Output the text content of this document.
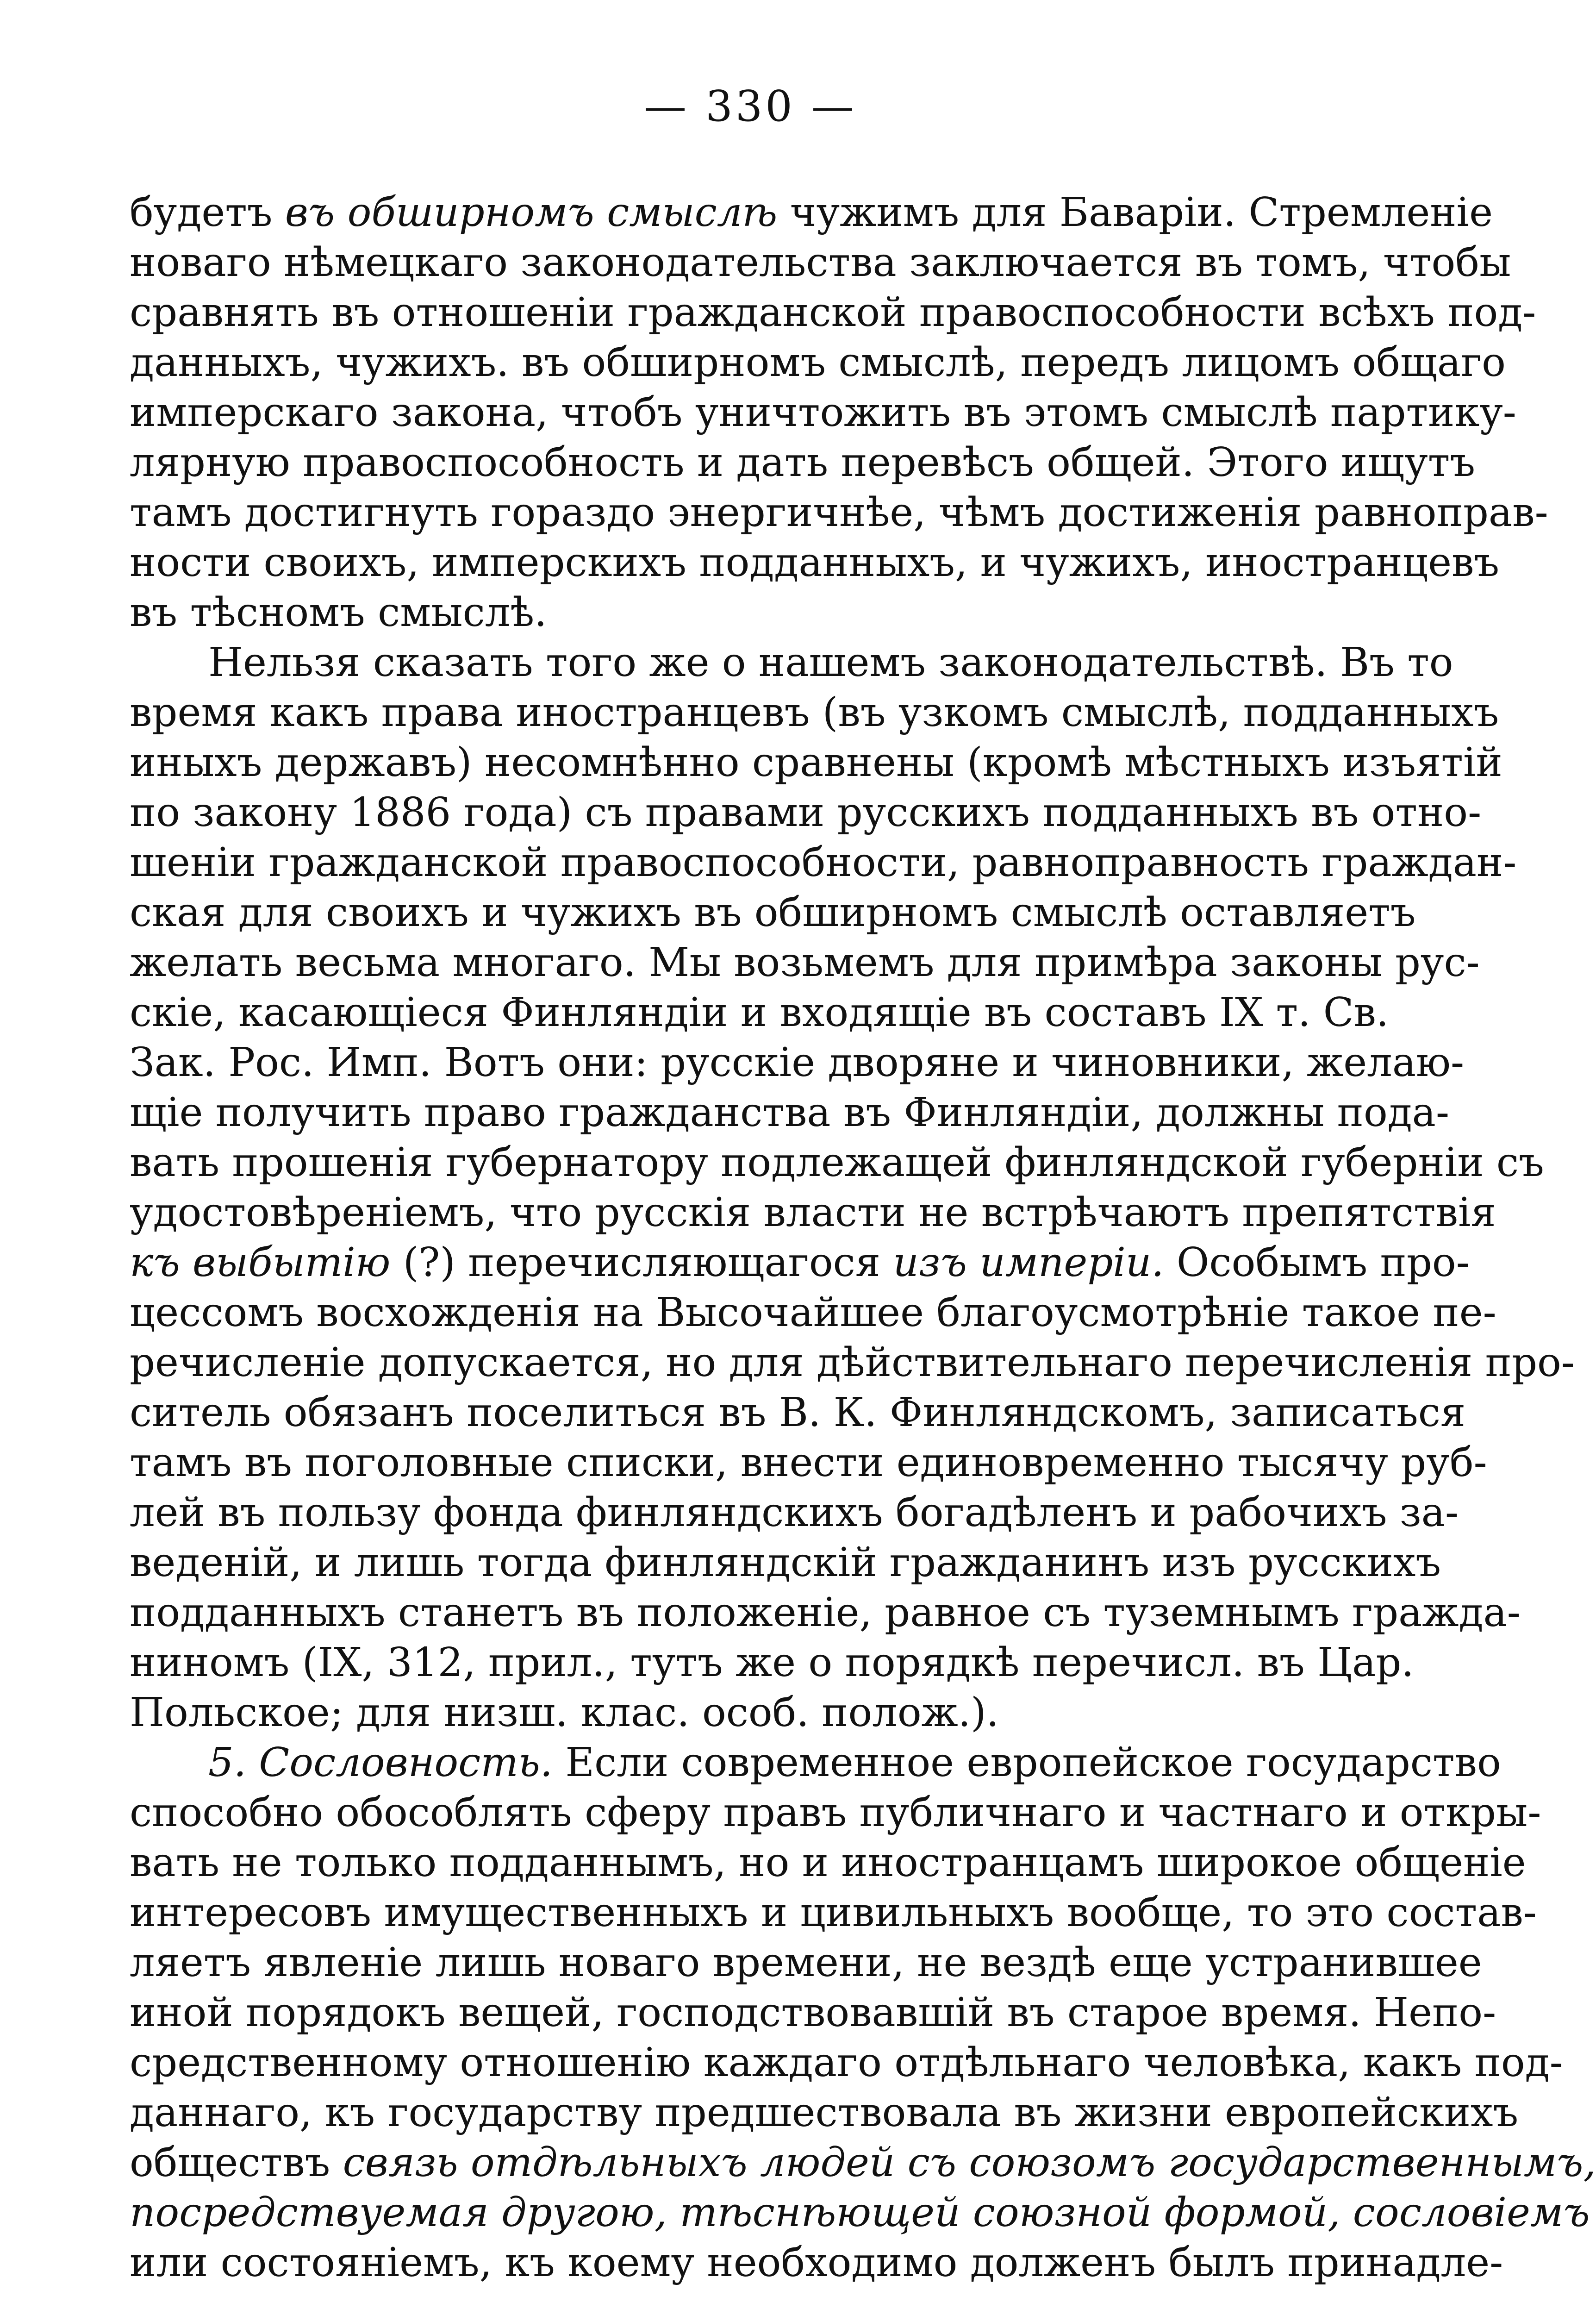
— 330 —
будетъ въ обширномъ смыслѣ чужимъ для Баваріи. Стремленіе
новаго нѣмецкаго законодательства заключается въ томъ, чтобы
сравнять въ отношеніи гражданской правоспособности всѣхъ под-
данныхъ, чужихъ. въ обширномъ смыслѣ, передъ лицомъ общаго
имперскаго закона, чтобъ уничтожить въ этомъ смыслѣ партику-
лярную правоспособность и дать перевѣсъ общей. Этого ищутъ
тамъ достигнуть гораздо энергичнѣе, чѣмъ достиженія равноправ-
ности своихъ, имперскихъ подданныхъ, и чужихъ, иностранцевъ
въ тѣсномъ смыслѣ.
Нельзя сказать того же о нашемъ законодательствѣ. Въ то
время какъ права иностранцевъ (въ узкомъ смыслѣ, подданныхъ
иныхъ державъ) несомнѣнно сравнены (кромѣ мѣстныхъ изъятій
по закону 1886 года) съ правами русскихъ подданныхъ въ отно-
шеніи гражданской правоспособности, равноправность граждан-
ская для своихъ и чужихъ въ обширномъ смыслѣ оставляетъ
желать весьма многаго. Мы возьмемъ для примѣра законы рус-
скіе, касающіеся Финляндіи и входящіе въ составъ IX т. Св.
Зак. Рос. Имп. Вотъ они: русскіе дворяне и чиновники, желаю-
щіе получить право гражданства въ Финляндіи, должны пода-
вать прошенія губернатору подлежащей финляндской губерніи съ
удостовѣреніемъ, что русскія власти не встрѣчаютъ препятствія
къ выбытію (?) перечисляющагося изъ имперіи. Особымъ про-
цессомъ восхожденія на Высочайшее благоусмотрѣніе такое пе-
речисленіе допускается, но для дѣйствительнаго перечисленія про-
ситель обязанъ поселиться въ В. К. Финляндскомъ, записаться
тамъ въ поголовные списки, внести единовременно тысячу руб-
лей въ пользу фонда финляндскихъ богадѣленъ и рабочихъ за-
веденій, и лишь тогда финляндскій гражданинъ изъ русскихъ
подданныхъ станетъ въ положеніе, равное съ туземнымъ гражда-
ниномъ (IX, 312, прил., тутъ же о порядкѣ перечисл. въ Цар.
Польское; для низш. клас. особ. полож.).
5. Сословность. Если современное европейское государство
способно обособлять сферу правъ публичнаго и частнаго и откры-
вать не только подданнымъ, но и иностранцамъ широкое общеніе
интересовъ имущественныхъ и цивильныхъ вообще, то это состав-
ляетъ явленіе лишь новаго времени, не вездѣ еще устранившее
иной порядокъ вещей, господствовавшій въ старое время. Непо-
средственному отношенію каждаго отдѣльнаго человѣка, какъ под-
даннаго, къ государству предшествовала въ жизни европейскихъ
обществъ связь отдѣльныхъ людей съ союзомъ государственнымъ,
посредствуемая другою, тѣснѣющей союзной формой, сословіемъ
или состояніемъ, къ коему необходимо долженъ былъ принадле-
